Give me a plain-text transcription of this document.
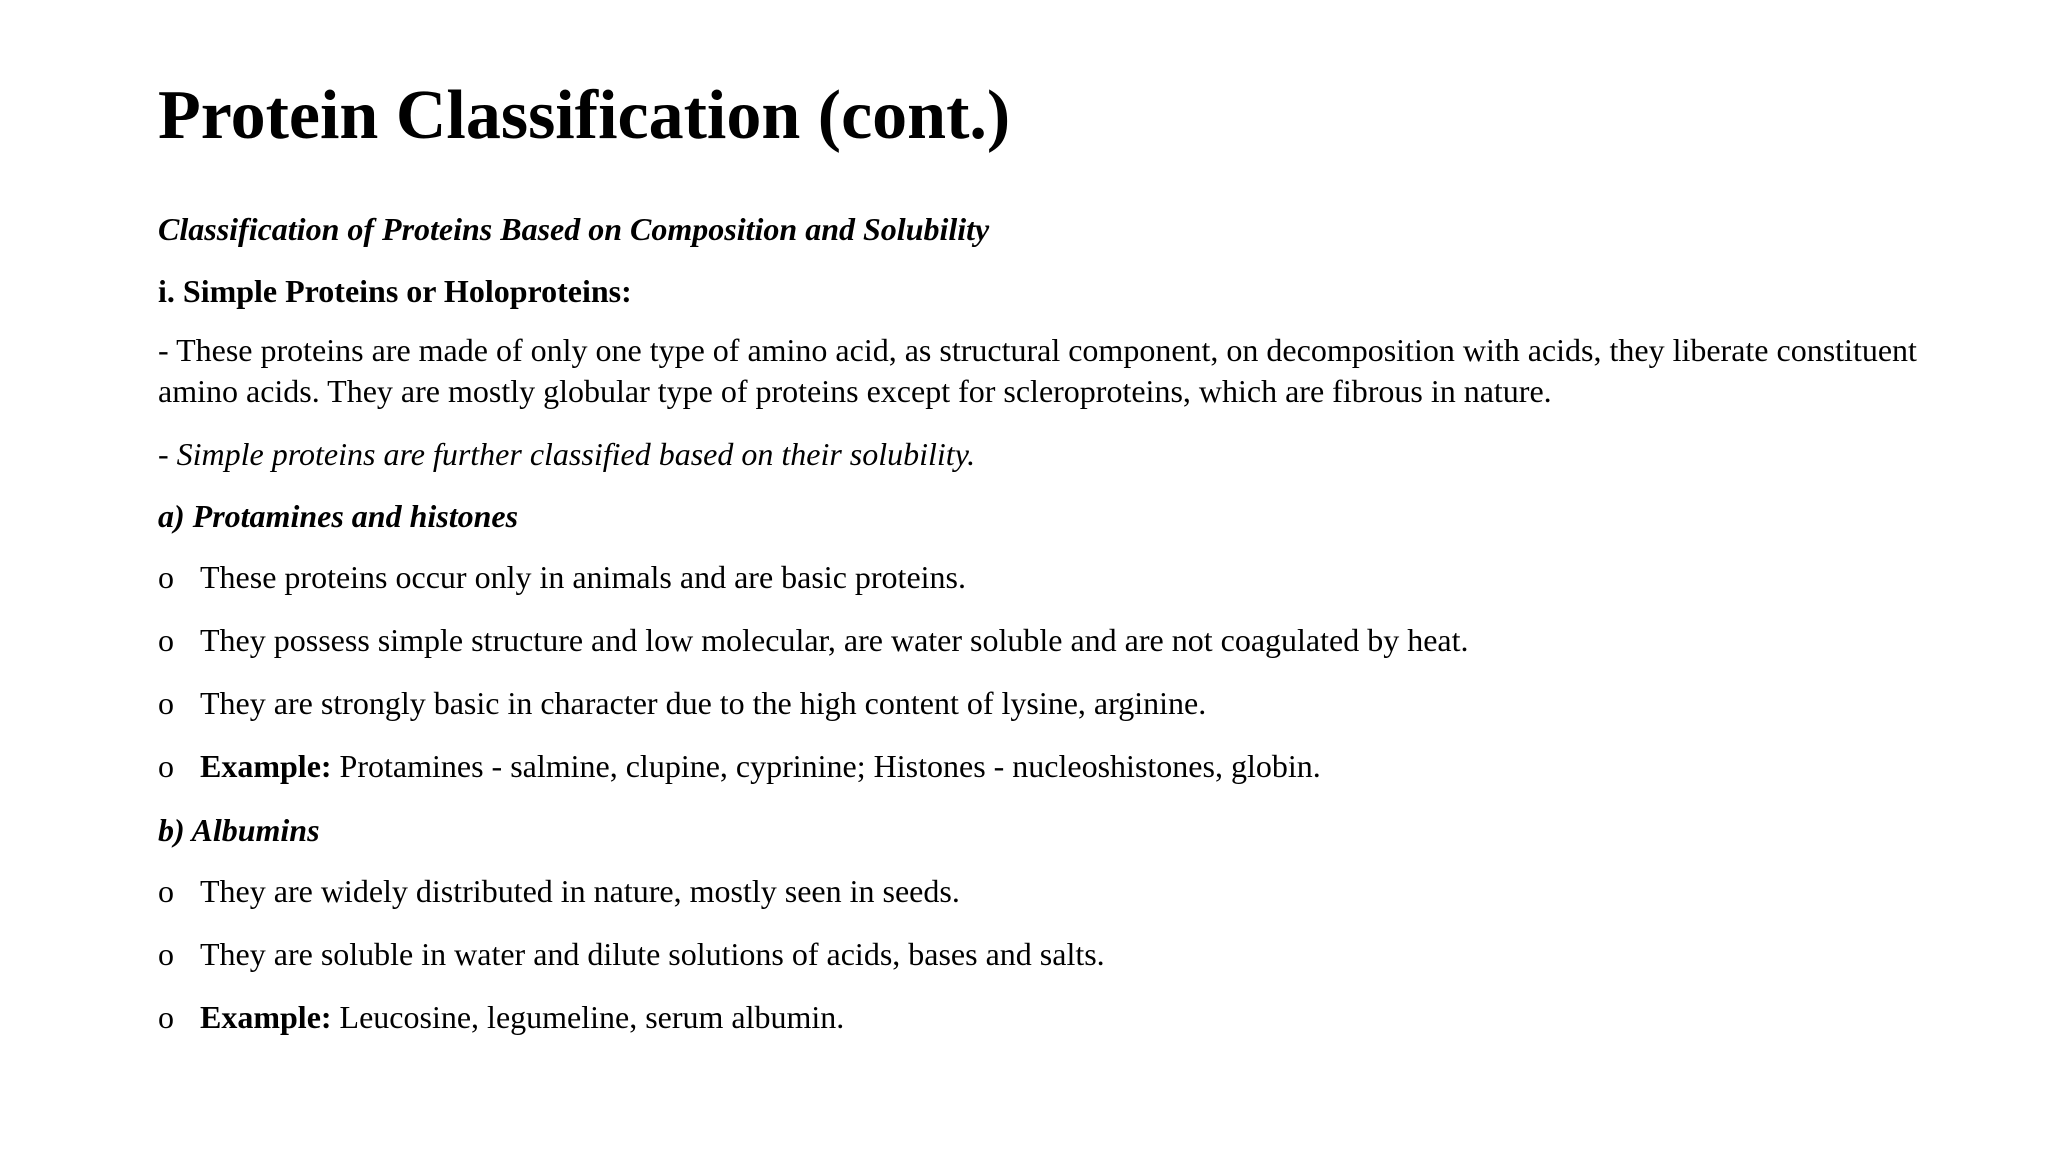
Protein Classification (cont.)
Classification of Proteins Based on Composition and Solubility
i. Simple Proteins or Holoproteins:
- These proteins are made of only one type of amino acid, as structural component, on decomposition with acids, they liberate constituent amino acids. They are mostly globular type of proteins except for scleroproteins, which are fibrous in nature.
- Simple proteins are further classified based on their solubility.
a) Protamines and histones
o These proteins occur only in animals and are basic proteins.
o They possess simple structure and low molecular, are water soluble and are not coagulated by heat.
o They are strongly basic in character due to the high content of lysine, arginine.
o Example: Protamines - salmine, clupine, cyprinine; Histones - nucleoshistones, globin.
b) Albumins
o They are widely distributed in nature, mostly seen in seeds.
o They are soluble in water and dilute solutions of acids, bases and salts.
o Example: Leucosine, legumeline, serum albumin.
